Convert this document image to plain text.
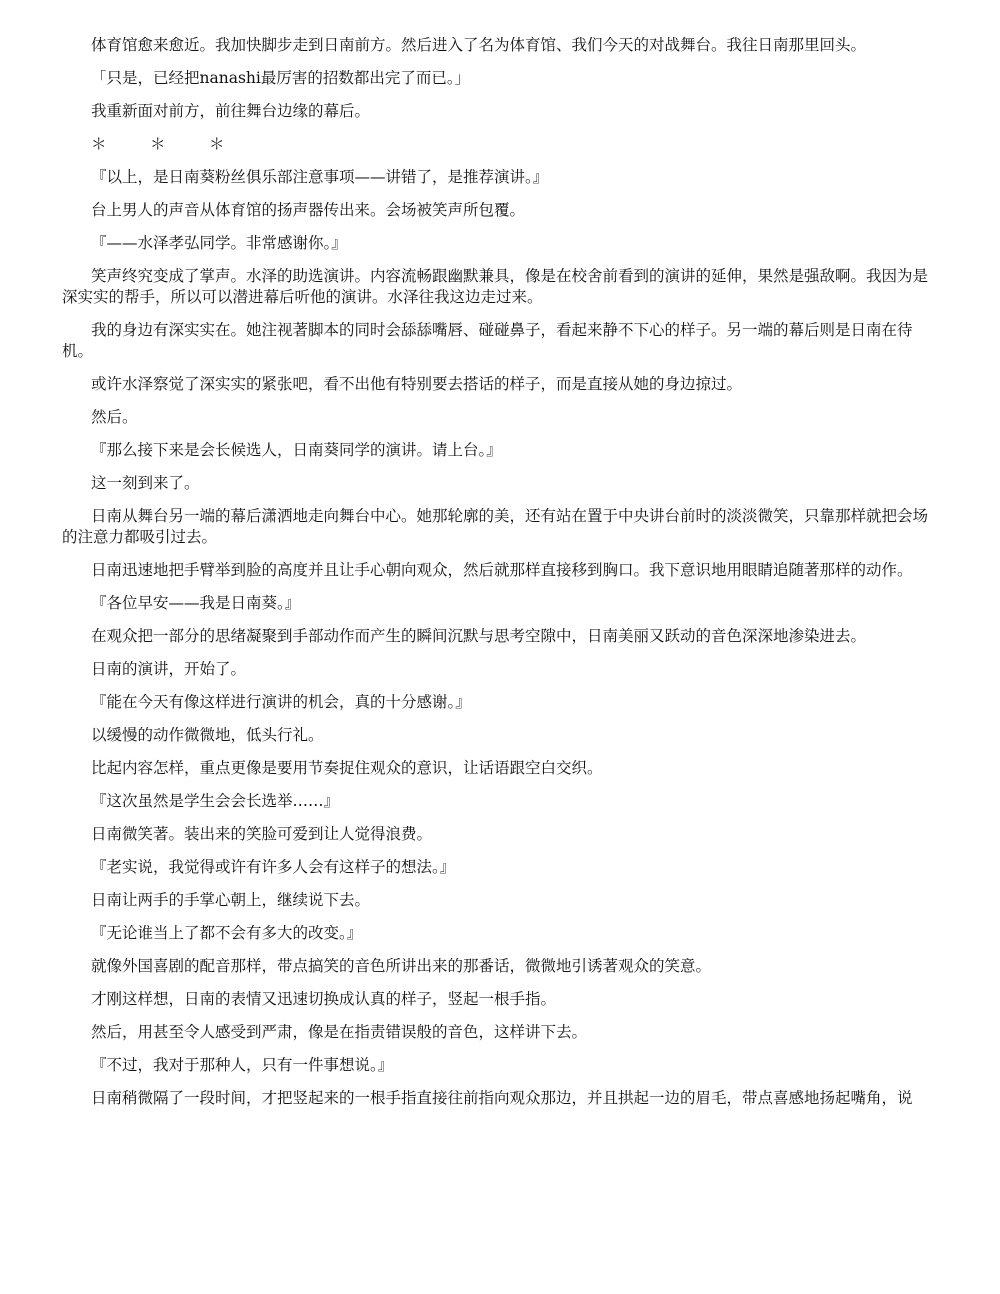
体育馆愈来愈近。我加快脚步走到日南前方。然后进入了名为体育馆、我们今天的对战舞台。我往日南那里回头。

「只是，已经把nanashi最厉害的招数都出完了而已。」

我重新面对前方，前往舞台边缘的幕后。

＊　＊　＊

『以上，是日南葵粉丝俱乐部注意事项——讲错了，是推荐演讲。』

台上男人的声音从体育馆的扬声器传出来。会场被笑声所包覆。

『——水泽孝弘同学。非常感谢你。』

笑声终究变成了掌声。水泽的助选演讲。内容流畅跟幽默兼具，像是在校舍前看到的演讲的延伸，果然是强敌啊。我因为是深实实的帮手，所以可以潜进幕后听他的演讲。水泽往我这边走过来。

我的身边有深实实在。她注视著脚本的同时会舔舔嘴唇、碰碰鼻子，看起来静不下心的样子。另一端的幕后则是日南在待机。

或许水泽察觉了深实实的紧张吧，看不出他有特别要去搭话的样子，而是直接从她的身边掠过。

然后。

『那么接下来是会长候选人，日南葵同学的演讲。请上台。』

这一刻到来了。

日南从舞台另一端的幕后潇洒地走向舞台中心。她那轮廓的美，还有站在置于中央讲台前时的淡淡微笑，只靠那样就把会场的注意力都吸引过去。

日南迅速地把手臂举到脸的高度并且让手心朝向观众，然后就那样直接移到胸口。我下意识地用眼睛追随著那样的动作。

『各位早安——我是日南葵。』

在观众把一部分的思绪凝聚到手部动作而产生的瞬间沉默与思考空隙中，日南美丽又跃动的音色深深地渗染进去。

日南的演讲，开始了。

『能在今天有像这样进行演讲的机会，真的十分感谢。』

以缓慢的动作微微地，低头行礼。

比起内容怎样，重点更像是要用节奏捉住观众的意识，让话语跟空白交织。

『这次虽然是学生会会长选举……』

日南微笑著。装出来的笑脸可爱到让人觉得浪费。

『老实说，我觉得或许有许多人会有这样子的想法。』

日南让两手的手掌心朝上，继续说下去。

『无论谁当上了都不会有多大的改变。』

就像外国喜剧的配音那样，带点搞笑的音色所讲出来的那番话，微微地引诱著观众的笑意。

才刚这样想，日南的表情又迅速切换成认真的样子，竖起一根手指。

然后，用甚至令人感受到严肃，像是在指责错误般的音色，这样讲下去。

『不过，我对于那种人，只有一件事想说。』

日南稍微隔了一段时间，才把竖起来的一根手指直接往前指向观众那边，并且拱起一边的眉毛，带点喜感地扬起嘴角，说
